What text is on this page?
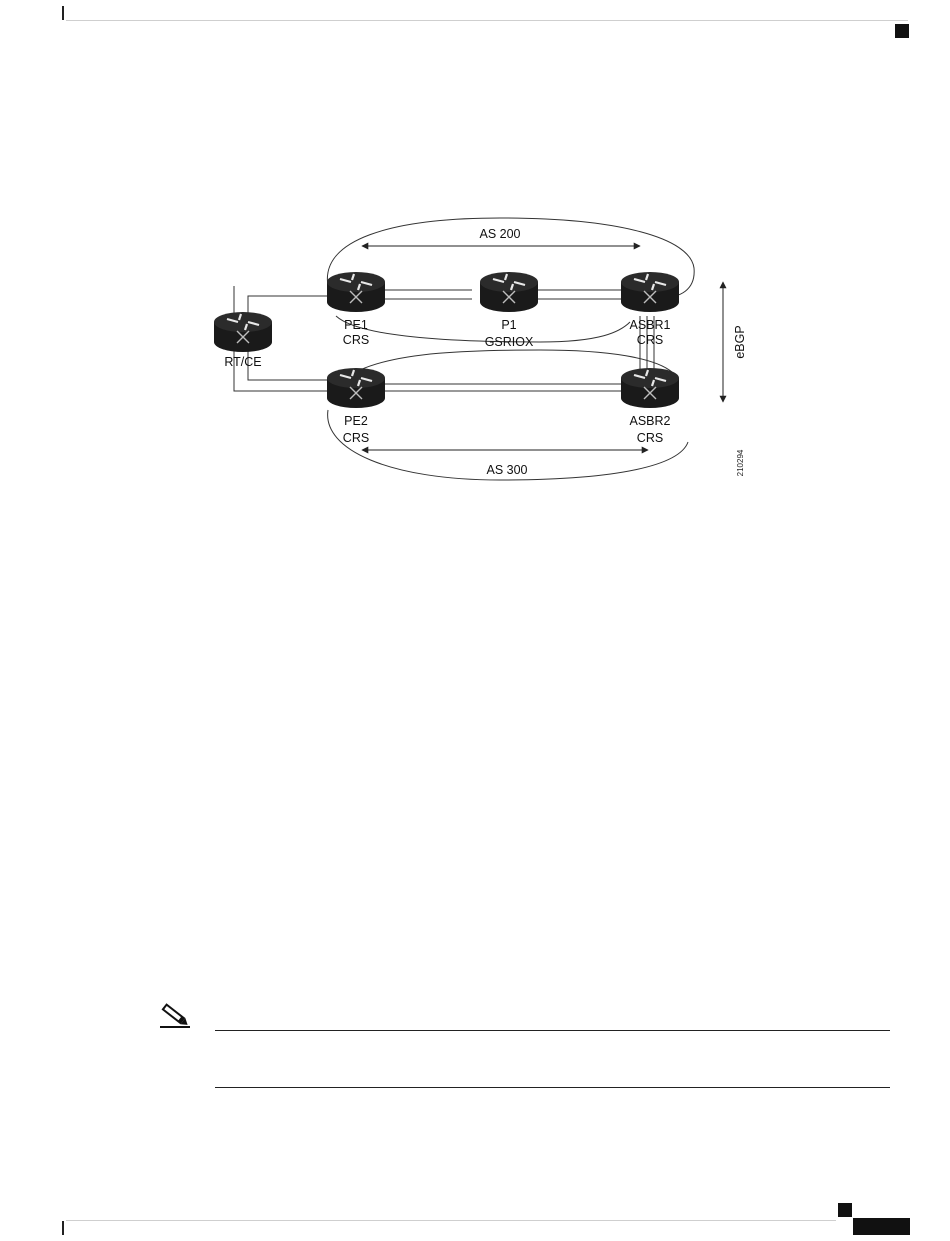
AS 200
AS 300
RT/CE
PE1
CRS
P1
GSRIOX
ASBR1
CRS
PE2
CRS
ASBR2
CRS
eBGP
210294
